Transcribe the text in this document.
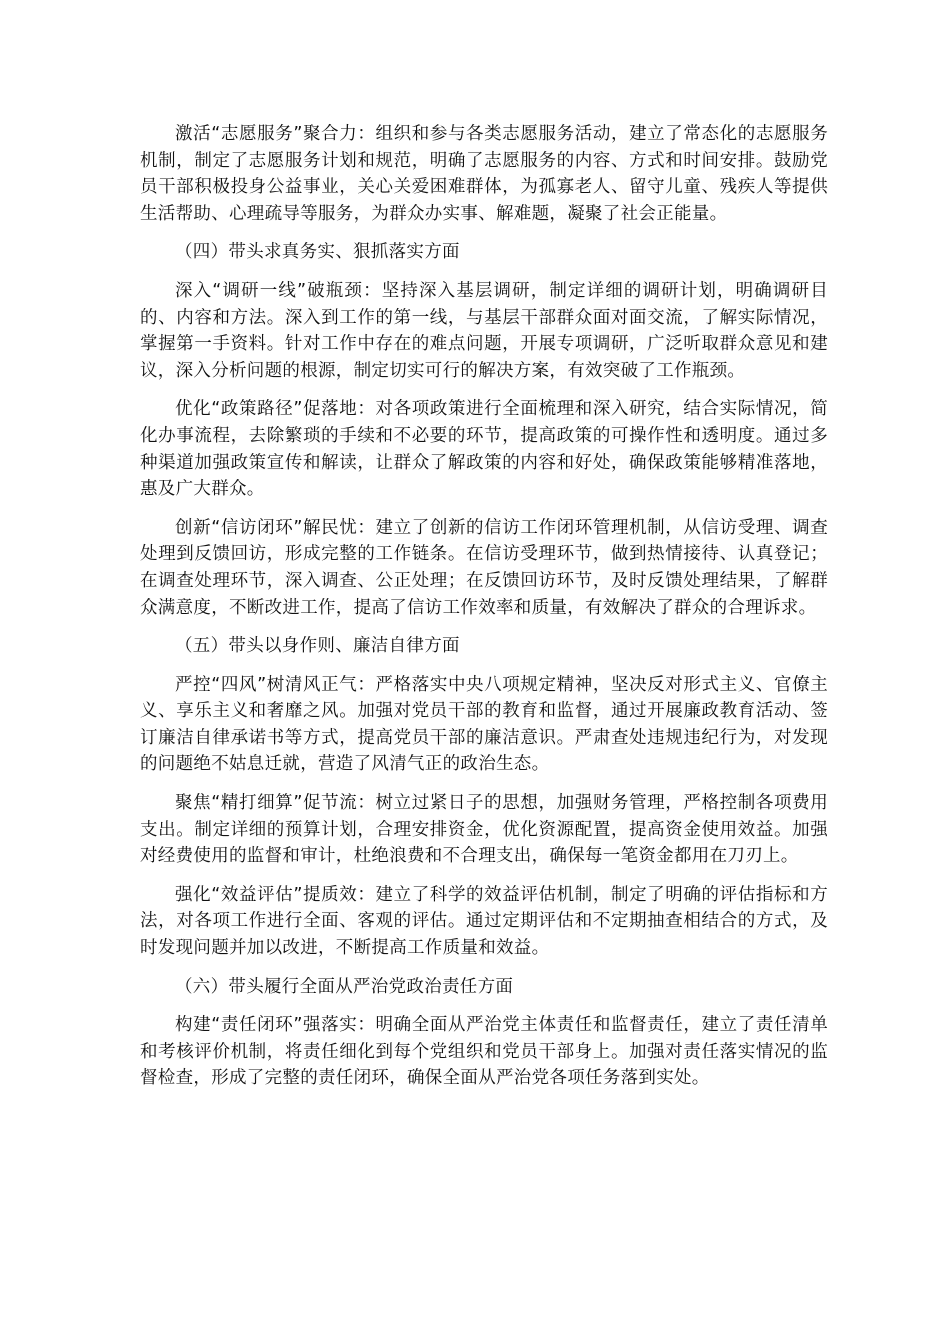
激活“志愿服务”聚合力：组织和参与各类志愿服务活动，建立了常态化的志愿服务机制，制定了志愿服务计划和规范，明确了志愿服务的内容、方式和时间安排。鼓励党员干部积极投身公益事业，关心关爱困难群体，为孤寡老人、留守儿童、残疾人等提供生活帮助、心理疏导等服务，为群众办实事、解难题，凝聚了社会正能量。

（四）带头求真务实、狠抓落实方面

深入“调研一线”破瓶颈：坚持深入基层调研，制定详细的调研计划，明确调研目的、内容和方法。深入到工作的第一线，与基层干部群众面对面交流，了解实际情况，掌握第一手资料。针对工作中存在的难点问题，开展专项调研，广泛听取群众意见和建议，深入分析问题的根源，制定切实可行的解决方案，有效突破了工作瓶颈。

优化“政策路径”促落地：对各项政策进行全面梳理和深入研究，结合实际情况，简化办事流程，去除繁琐的手续和不必要的环节，提高政策的可操作性和透明度。通过多种渠道加强政策宣传和解读，让群众了解政策的内容和好处，确保政策能够精准落地，惠及广大群众。

创新“信访闭环”解民忧：建立了创新的信访工作闭环管理机制，从信访受理、调查处理到反馈回访，形成完整的工作链条。在信访受理环节，做到热情接待、认真登记；在调查处理环节，深入调查、公正处理；在反馈回访环节，及时反馈处理结果，了解群众满意度，不断改进工作，提高了信访工作效率和质量，有效解决了群众的合理诉求。

（五）带头以身作则、廉洁自律方面

严控“四风”树清风正气：严格落实中央八项规定精神，坚决反对形式主义、官僚主义、享乐主义和奢靡之风。加强对党员干部的教育和监督，通过开展廉政教育活动、签订廉洁自律承诺书等方式，提高党员干部的廉洁意识。严肃查处违规违纪行为，对发现的问题绝不姑息迁就，营造了风清气正的政治生态。

聚焦“精打细算”促节流：树立过紧日子的思想，加强财务管理，严格控制各项费用支出。制定详细的预算计划，合理安排资金，优化资源配置，提高资金使用效益。加强对经费使用的监督和审计，杜绝浪费和不合理支出，确保每一笔资金都用在刀刃上。

强化“效益评估”提质效：建立了科学的效益评估机制，制定了明确的评估指标和方法，对各项工作进行全面、客观的评估。通过定期评估和不定期抽查相结合的方式，及时发现问题并加以改进，不断提高工作质量和效益。

（六）带头履行全面从严治党政治责任方面

构建“责任闭环”强落实：明确全面从严治党主体责任和监督责任，建立了责任清单和考核评价机制，将责任细化到每个党组织和党员干部身上。加强对责任落实情况的监督检查，形成了完整的责任闭环，确保全面从严治党各项任务落到实处。
